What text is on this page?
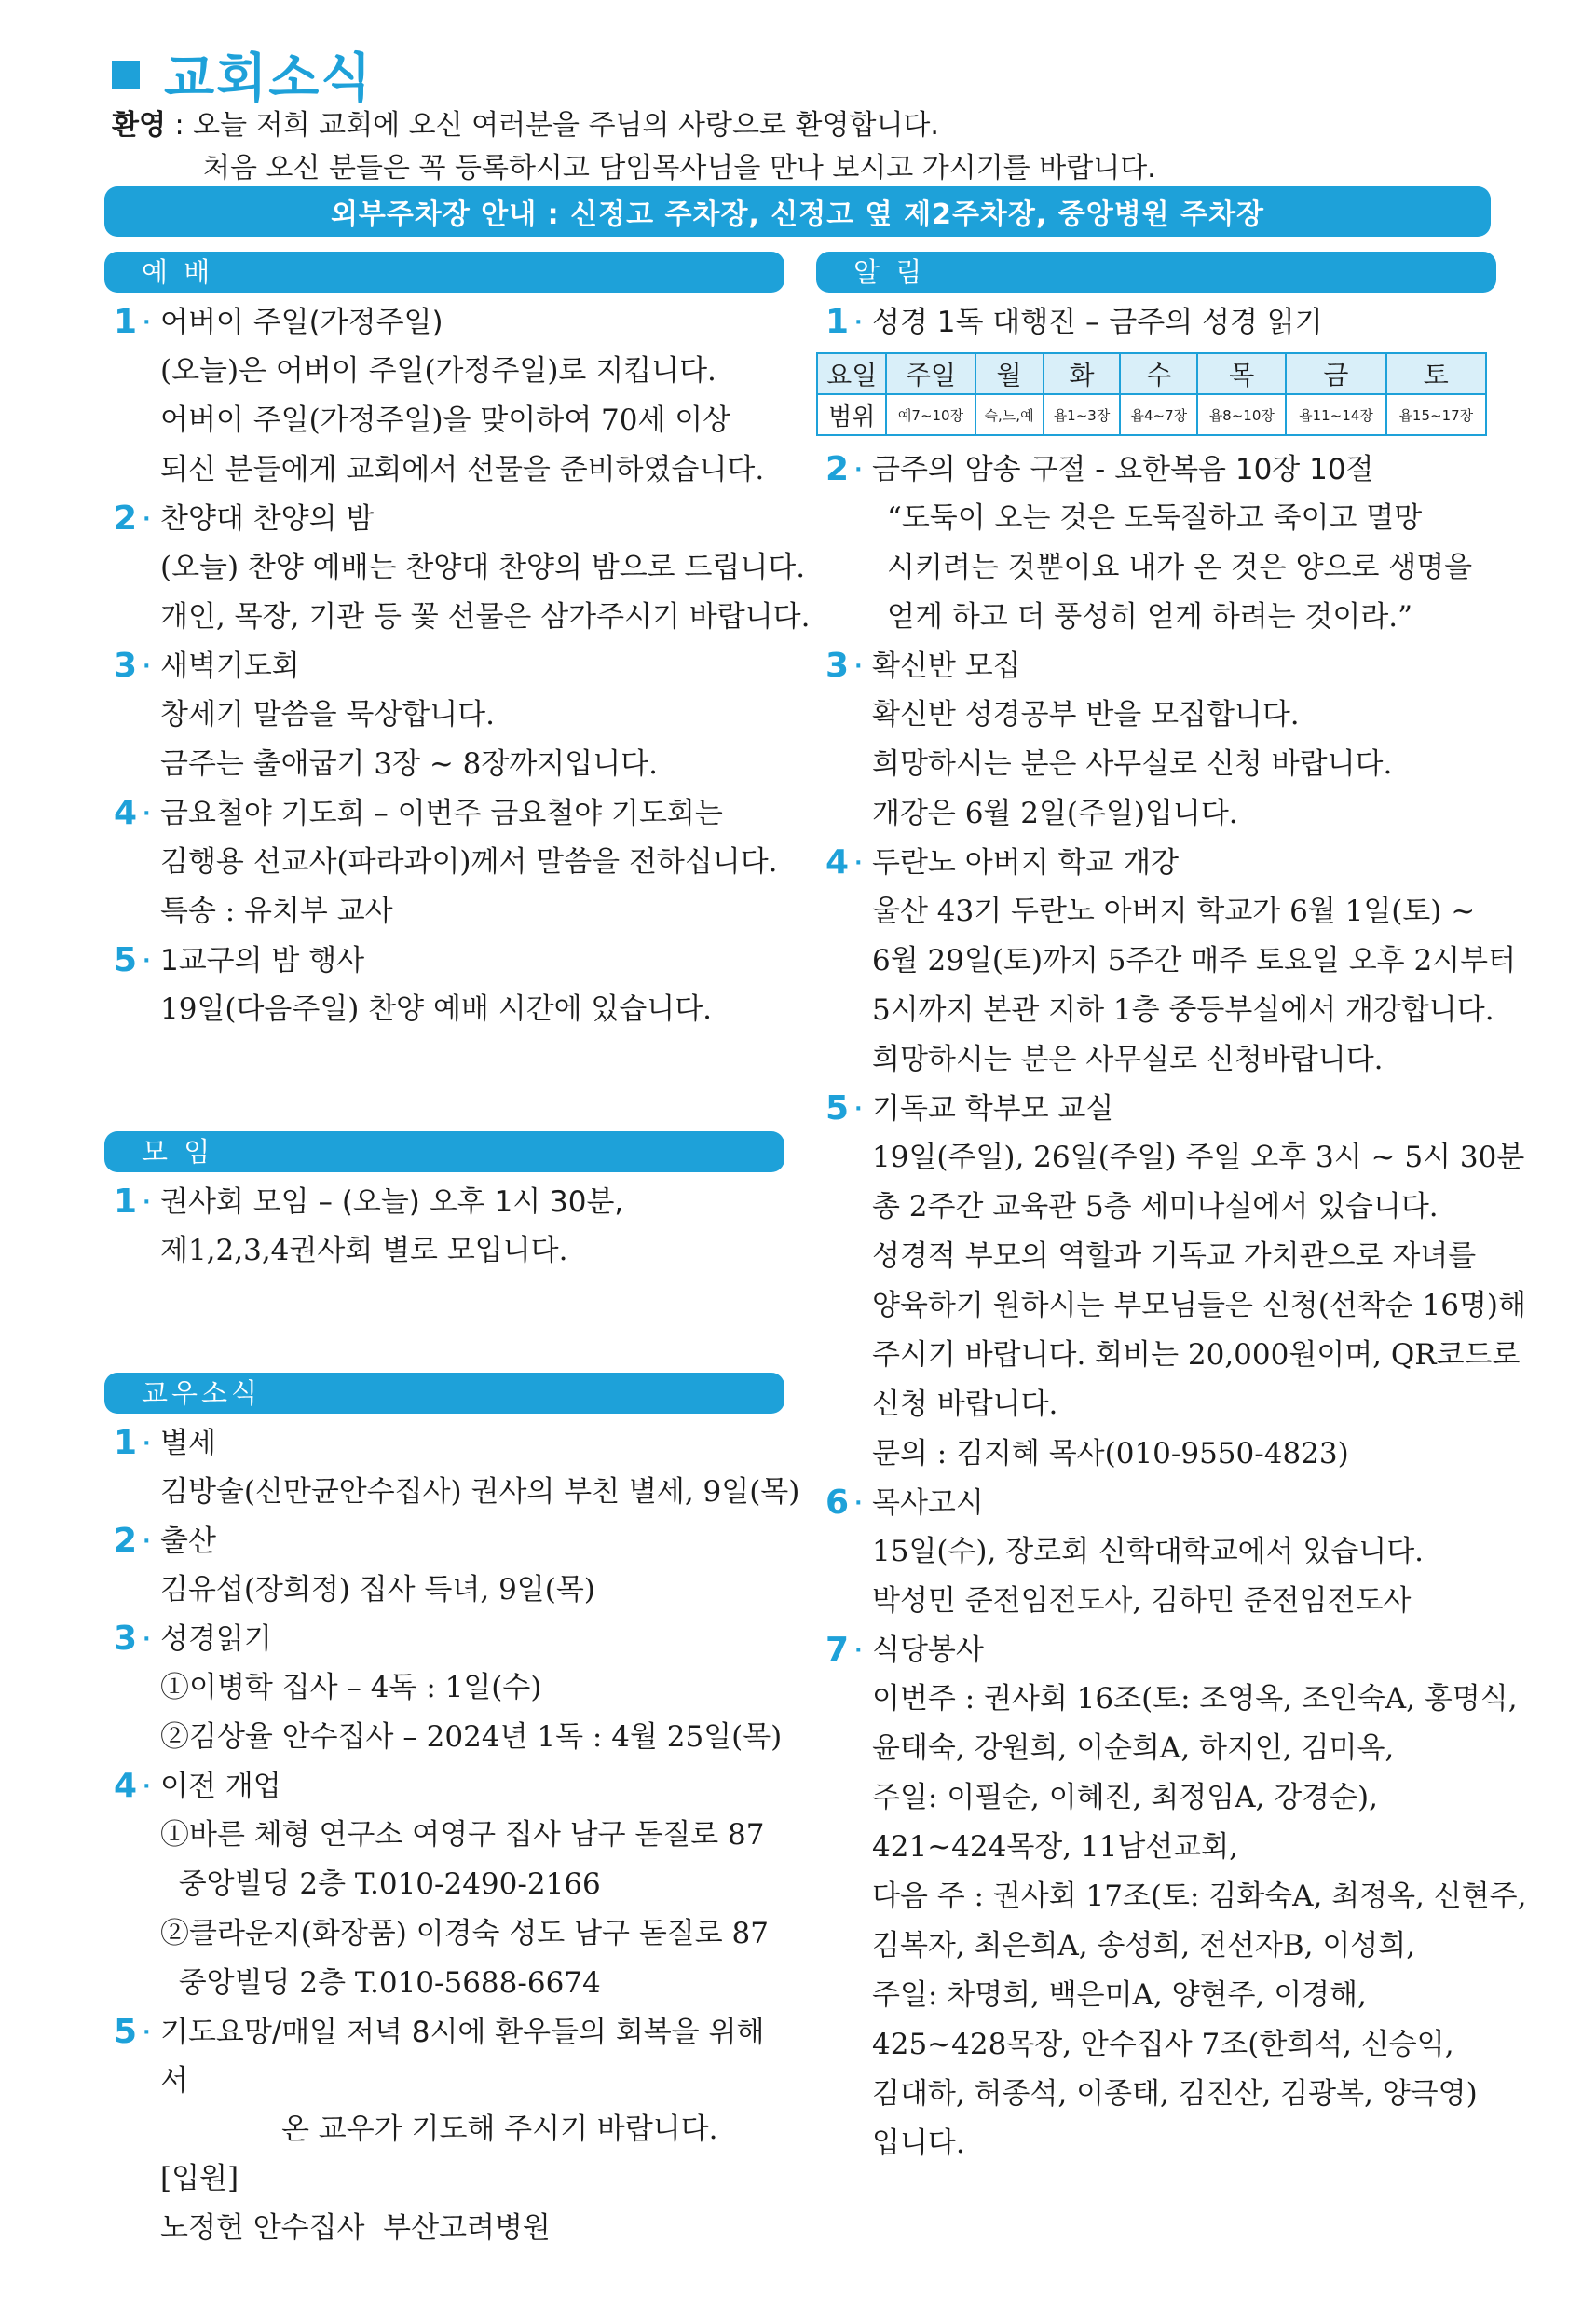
교회소식
환영 : 오늘 저희 교회에 오신 여러분을 주님의 사랑으로 환영합니다.
처음 오신 분들은 꼭 등록하시고 담임목사님을 만나 보시고 가시기를 바랍니다.
외부주차장 안내 : 신정고 주차장, 신정고 옆 제2주차장, 중앙병원 주차장
예 배
1 · 어버이 주일(가정주일)

(오늘)은 어버이 주일(가정주일)로 지킵니다.

어버이 주일(가정주일)을 맞이하여 70세 이상

되신 분들에게 교회에서 선물을 준비하였습니다.

2 · 찬양대 찬양의 밤

(오늘) 찬양 예배는 찬양대 찬양의 밤으로 드립니다.

개인, 목장, 기관 등 꽃 선물은 삼가주시기 바랍니다.

3 · 새벽기도회

창세기 말씀을 묵상합니다.

금주는 출애굽기 3장 ~ 8장까지입니다.

4 · 금요철야 기도회 – 이번주 금요철야 기도회는

김행용 선교사(파라과이)께서 말씀을 전하십니다.

특송 : 유치부 교사

5 · 1교구의 밤 행사

19일(다음주일) 찬양 예배 시간에 있습니다.

모 임
1 · 권사회 모임 – (오늘) 오후 1시 30분,

제1,2,3,4권사회 별로 모입니다.

교우소식
1 · 별세

김방술(신만균안수집사) 권사의 부친 별세, 9일(목)

2 · 출산

김유섭(장희정) 집사 득녀, 9일(목)

3 · 성경읽기

①이병학 집사 – 4독 : 1일(수)

②김상율 안수집사 – 2024년 1독 : 4월 25일(목)

4 · 이전 개업

①바른 체형 연구소 여영구 집사 남구 돋질로 87

중앙빌딩 2층 T.010-2490-2166

②클라운지(화장품) 이경숙 성도 남구 돋질로 87

중앙빌딩 2층 T.010-5688-6674

5 · 기도요망/매일 저녁 8시에 환우들의 회복을 위해서

온 교우가 기도해 주시기 바랍니다.

[입원]

노정헌 안수집사  부산고려병원

알 림
1 · 성경 1독 대행진 – 금주의 성경 읽기
요일	주일	월	화	수	목	금	토
범위	예7~10장	슥,느,예	욥1~3장	욥4~7장	욥8~10장	욥11~14장	욥15~17장
2 · 금주의 암송 구절 - 요한복음 10장 10절

“도둑이 오는 것은 도둑질하고 죽이고 멸망

시키려는 것뿐이요 내가 온 것은 양으로 생명을

얻게 하고 더 풍성히 얻게 하려는 것이라.”

3 · 확신반 모집

확신반 성경공부 반을 모집합니다.

희망하시는 분은 사무실로 신청 바랍니다.

개강은 6월 2일(주일)입니다.

4 · 두란노 아버지 학교 개강

울산 43기 두란노 아버지 학교가 6월 1일(토) ~

6월 29일(토)까지 5주간 매주 토요일 오후 2시부터

5시까지 본관 지하 1층 중등부실에서 개강합니다.

희망하시는 분은 사무실로 신청바랍니다.

5 · 기독교 학부모 교실

19일(주일), 26일(주일) 주일 오후 3시 ~ 5시 30분

총 2주간 교육관 5층 세미나실에서 있습니다.

성경적 부모의 역할과 기독교 가치관으로 자녀를

양육하기 원하시는 부모님들은 신청(선착순 16명)해

주시기 바랍니다. 회비는 20,000원이며, QR코드로

신청 바랍니다.

문의 : 김지혜 목사(010-9550-4823)

6 · 목사고시

15일(수), 장로회 신학대학교에서 있습니다.

박성민 준전임전도사, 김하민 준전임전도사

7 · 식당봉사

이번주 : 권사회 16조(토: 조영옥, 조인숙A, 홍명식,

윤태숙, 강원희, 이순희A, 하지인, 김미옥,

주일: 이필순, 이혜진, 최정임A, 강경순),

421~424목장, 11남선교회,

다음 주 : 권사회 17조(토: 김화숙A, 최정옥, 신현주,

김복자, 최은희A, 송성희, 전선자B, 이성희,

주일: 차명희, 백은미A, 양현주, 이경해,

425~428목장, 안수집사 7조(한희석, 신승익,

김대하, 허종석, 이종태, 김진산, 김광복, 양극영)

입니다.
